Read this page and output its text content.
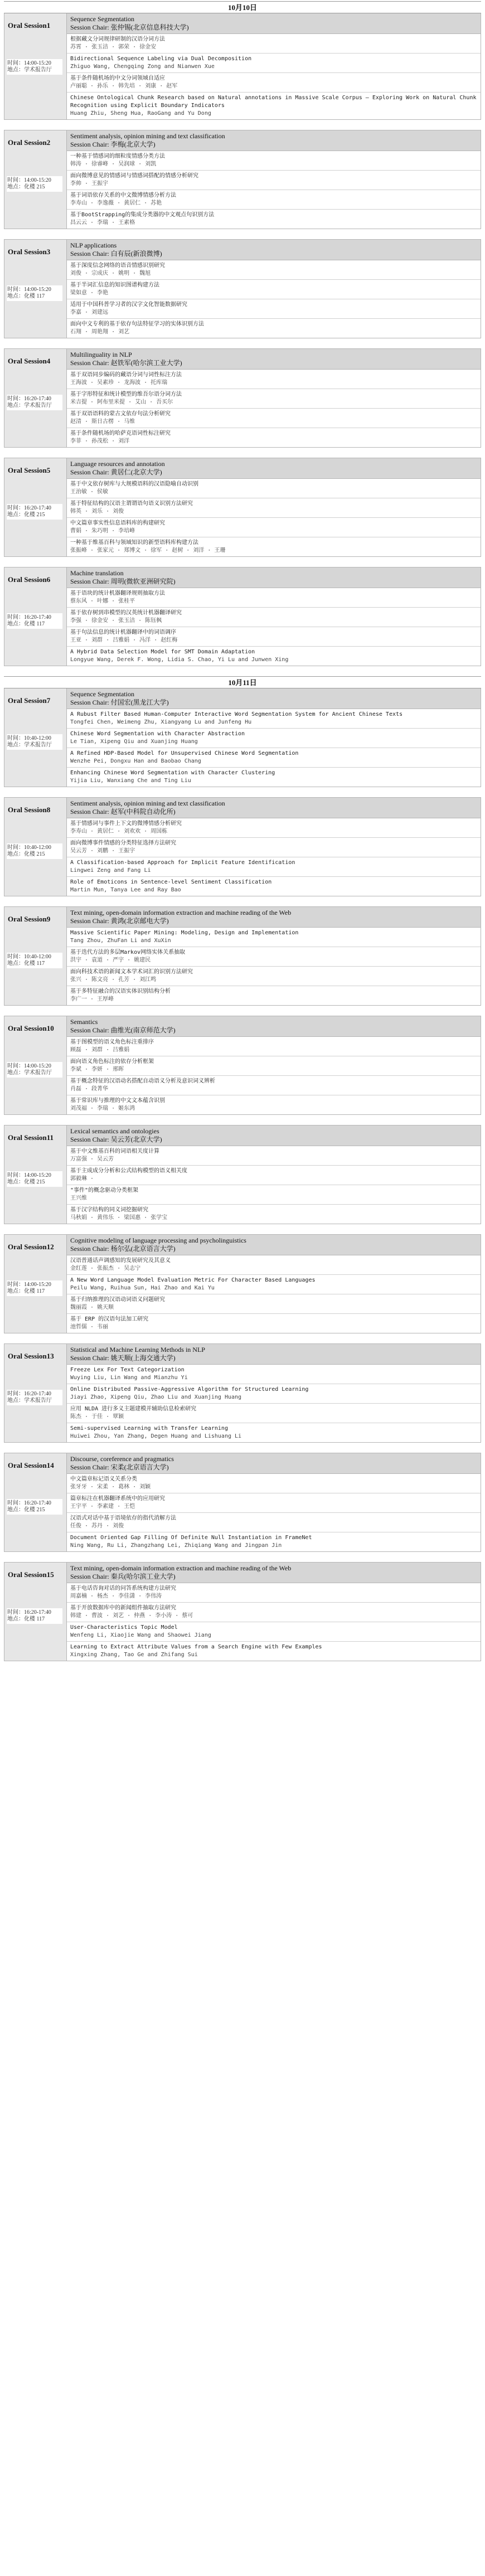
10月10日
Oral Session1
时间：14:00-15:20
地点：学术报告厅
Sequence Segmentation
Session Chair: 张仲锡(北京信息科技大学)
根据藏文分词规律研制的汉语分词方法
苏霄 · 张玉洁 · 郭荣 · 徐金安
Bidirectional Sequence Labeling via Dual Decomposition
Zhiguo Wang, Chengqing Zong and Nianwen Xue
基于条件随机场的中文分词领域自适应
卢丽聪 · 孙乐 · 韩先培 · 刘康 · 赵军
Chinese Ontological Chunk Research based on Natural annotations in Massive Scale Corpus — Exploring Work on Natural Chunk Recognition using Explicit Boundary Indicators
Huang Zhiu, Sheng Hua, RaoGang and Yu Dong
Oral Session2
时间：14:00-15:20
地点：化楼 215
Sentiment analysis, opinion mining and text classification
Session Chair: 李梅(北京大学)
一种基于情感词的细粒度情感分类方法
韩涛 · 徐睿峰 · 吴润球 · 刘凯
面向微博意见的情感词与情感词搭配的情感分析研究
李帅 · 王振宇
基于词语依存关系的中文微博情感分析方法
李寿山 · 李逸薇 · 黄居仁 · 苏艳
基于BootStrapping的集成分类器的中文观点句识别方法
昌云云 · 李瑞 · 王素格
Oral Session3
时间：14:00-15:20
地点：化楼 117
NLP applications
Session Chair: 白有辰(新浪微博)
基于深度信念网络的语音情感识别研究
刘俊 · 宗成庆 · 姚明 · 魏旭
基于半词汇信息的知识图谱构建方法
梁如意 · 李艳
适用于中国科普学习者的汉字文化智能数据研究
李嘉 · 刘建远
面向中文专利的基于依存句法特征学习的实体识别方法
石翔 · 周艳翔 · 刘艺
Oral Session4
时间：16:20-17:40
地点：学术报告厅
Multilinguality in NLP
Session Chair: 赵铁军(哈尔滨工业大学)
基于双语同步编码的藏语分词与词性标注方法
王海波 · 吴素珍 · 龙海波 · 托库瑞
基于字形特征和统计模型的维吾尔语分词方法
米吉提 · 阿布里米提 · 艾山 · 吾买尔
基于双语语料的蒙古文依存句法分析研究
赵清 · 斯日古楞 · 马维
基于条件随机场的哈萨克语词性标注研究
李菲 · 孙茂松 · 刘洋
Oral Session5
时间：16:20-17:40
地点：化楼 215
Language resources and annotation
Session Chair: 黄居仁(北京大学)
基于中文依存树库与大规模语料的汉语隐喻自动识别
王治敏 · 侯敏
基于特征结构的汉语主谓谓语句语义识别方法研究
韩英 · 刘乐 · 刘俊
中文篇章事实性信息语料库的构建研究
曹娟 · 朱巧明 · 李培峰
一种基于维基百科与领域知识的新型语料库构建方法
张振峰 · 张家元 · 郑博文 · 徐军 · 赵树 · 刘洋 · 王珊
Oral Session6
时间：16:20-17:40
地点：化楼 117
Machine translation
Session Chair: 周明(微软亚洲研究院)
基于语块的统计机器翻译规则抽取方法
蔡东风 · 叶娜 · 张桂平
基于依存树到串模型的汉英统计机器翻译研究
李强 · 徐金安 · 张玉洁 · 陈钰枫
基于句法信息的统计机器翻译中的词语调序
王亚 · 刘群 · 吕雅娟 · 冯洋 · 赵红梅
A Hybrid Data Selection Model for SMT Domain Adaptation
Longyue Wang, Derek F. Wong, Lidia S. Chao, Yi Lu and Junwen Xing
10月11日
Oral Session7
时间：10:40-12:00
地点：学术报告厅
Sequence Segmentation
Session Chair: 付国宏(黑龙江大学)
A Rubust Filter Based Human-Computer Interactive Word Segmentation System for Ancient Chinese Texts
Tongfei Chen, Weimeng Zhu, Xiangyang Lu and Junfeng Hu
Chinese Word Segmentation with Character Abstraction
Le Tian, Xipeng Qiu and Xuanjing Huang
A Refined HDP-Based Model for Unsupervised Chinese Word Segmentation
Wenzhe Pei, Dongxu Han and Baobao Chang
Enhancing Chinese Word Segmentation with Character Clustering
Yijia Liu, Wanxiang Che and Ting Liu
Oral Session8
时间：10:40-12:00
地点：化楼 215
Sentiment analysis, opinion mining and text classification
Session Chair: 赵军(中科院自动化所)
基于情感词与事件上下文的微博情感分析研究
李寿山 · 黄居仁 · 刘欢欢 · 周国栋
面向微博事件情感的分类特征选择方法研究
吴云芳 · 刘鹏 · 王振宇
A Classification-based Approach for Implicit Feature Identification
Lingwei Zeng and Fang Li
Role of Emoticons in Sentence-level Sentiment Classification
Martin Mun, Tanya Lee and Ray Bao
Oral Session9
时间：10:40-12:00
地点：化楼 117
Text mining, open-domain information extraction and machine reading of the Web
Session Chair: 黄鸿(北京邮电大学)
Massive Scientific Paper Mining: Modeling, Design and Implementation
Tang Zhou, ZhuFan Li and XuXin
基于迭代方法的多层Markov网络实体关系抽取
洪宇 · 袁道 · 严宇 · 姚建民
面向科技术语的新闻文本学术词汇的识别方法研究
张兴 · 陈文亮 · 孔芳 · 刘江鸣
基于多特征融合的汉语实体识别结构分析
李广一 · 王厚峰
Oral Session10
时间：14:00-15:20
地点：学术报告厅
Semantics
Session Chair: 曲维光(南京师范大学)
基于图模型的语义角色标注重排序
顾磊 · 刘群 · 吕雅娟
面向语义角色标注的依存分析框架
李斌 · 李妍 · 邢晖
基于概念特征的汉语动名搭配自动语义分析及意识词义辨析
肖磊 · 段菁华
基于常识库与推理的中文文本蕴含识别
刘茂福 · 李瑞 · 姬东鸿
Oral Session11
时间：14:00-15:20
地点：化楼 215
Lexical semantics and ontologies
Session Chair: 吴云芳(北京大学)
基于中文维基百科的词语相关度计算
万富强 · 吴云芳
基于主成成分分析和公式结构模型的语义相关度
郭毅琳 ·
"事件"的概念驱动分类框架
王兴维
基于汉字结构的同义词挖掘研究
马秋娟 · 黄伟乐 · 梁国惠 · 张学宝
Oral Session12
时间：14:00-15:20
地点：化楼 117
Cognitive modeling of language processing and psycholinguistics
Session Chair: 杨尔弘(北京语言大学)
汉语普通话声调感知的发展研究及其意义
金红莲 · 张振杰 · 吴志宁
A New Word Language Model Evaluation Metric For Character Based Languages
Peilu Wang, Ruihua Sun, Hai Zhao and Kai Yu
基于归纳推理的汉语动词语义问题研究
魏丽霞 · 姚天顺
基于 ERP 的汉语句法加工研究
池哲儒 · 韦丽
Oral Session13
时间：16:20-17:40
地点：学术报告厅
Statistical and Machine Learning Methods in NLP
Session Chair: 姚天顺(上海交通大学)
Freeze Lex For Text Categorization
Wuying Liu, Lin Wang and Mianzhu Yi
Online Distributed Passive-Aggressive Algorithm for Structured Learning
Jiayi Zhao, Xipeng Qiu, Zhao Liu and Xuanjing Huang
应用 NLDA 进行多义主题建模并辅助信息检索研究
陈杰 · 于佳 · 覃颖
Semi-supervised Learning with Transfer Learning
Huiwei Zhou, Yan Zhang, Degen Huang and Lishuang Li
Oral Session14
时间：16:20-17:40
地点：化楼 215
Discourse, coreference and pragmatics
Session Chair: 宋柔(北京语言大学)
中文篇章标记语义关系分类
张牙牙 · 宋柔 · 葛林 · 刘颖
篇章标注在机器翻译系统中的应用研究
王宇平 · 李素建 · 王恺
汉语式对话中基于语境依存的指代消解方法
任俊 · 苏丹 · 刘俊
Document Oriented Gap Filling Of Definite Null Instantiation in FrameNet
Ning Wang, Ru Li, Zhangzhang Lei, Zhiqiang Wang and Jingpan Jin
Oral Session15
时间：16:20-17:40
地点：化楼 117
Text mining, open-domain information extraction and machine reading of the Web
Session Chair: 秦兵(哈尔滨工业大学)
基于电话咨询对话的问答系统构建方法研究
周嘉楠 · 杨杰 · 李佳潇 · 李伟涛
基于开放数据库中的新闻组件抽取方法研究
韩建 · 曹波 · 刘艺 · 仲燕 · 李小涛 · 蔡可
User-Characteristics Topic Model
Wenfeng Li, Xiaojie Wang and Shaowei Jiang
Learning to Extract Attribute Values from a Search Engine with Few Examples
Xingxing Zhang, Tao Ge and Zhifang Sui
